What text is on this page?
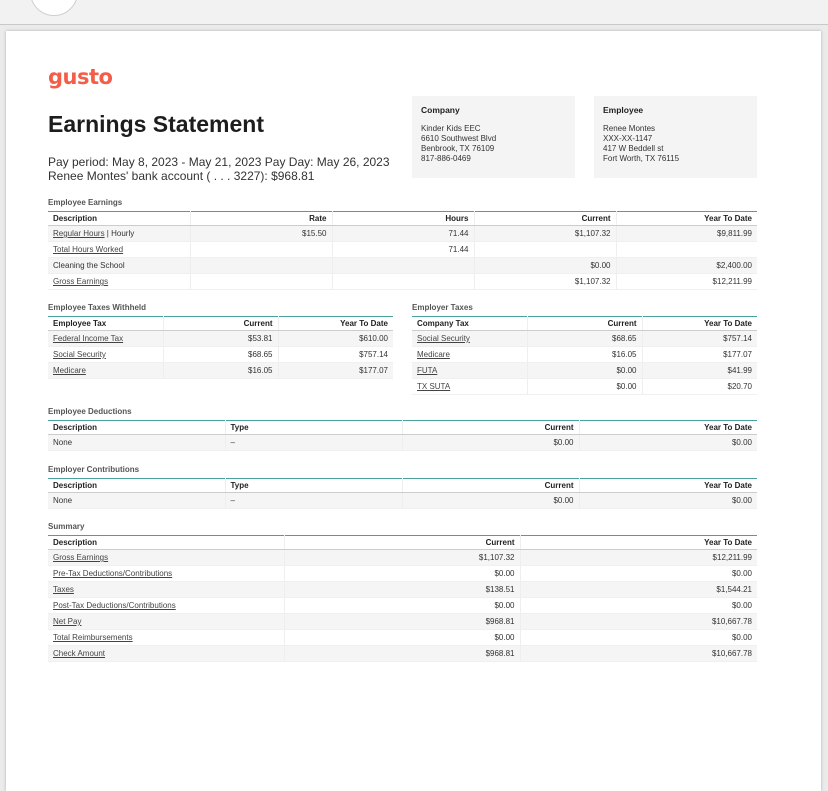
gusto
Earnings Statement
Pay period: May 8, 2023 - May 21, 2023 Pay Day: May 26, 2023
Renee Montes' bank account ( . . . 3227): $968.81
Company
Kinder Kids EEC
6610 Southwest Blvd
Benbrook, TX 76109
817-886-0469
Employee
Renee Montes
XXX-XX-1147
417 W Beddell st
Fort Worth, TX 76115
Employee Earnings
Description	Rate	Hours	Current	Year To Date
Regular Hours | Hourly	$15.50	71.44	$1,107.32	$9,811.99
Total Hours Worked		71.44		
Cleaning the School			$0.00	$2,400.00
Gross Earnings			$1,107.32	$12,211.99
Employee Taxes Withheld
Employee Tax	Current	Year To Date
Federal Income Tax	$53.81	$610.00
Social Security	$68.65	$757.14
Medicare	$16.05	$177.07
Employer Taxes
Company Tax	Current	Year To Date
Social Security	$68.65	$757.14
Medicare	$16.05	$177.07
FUTA	$0.00	$41.99
TX SUTA	$0.00	$20.70
Employee Deductions
Description	Type	Current	Year To Date
None	–	$0.00	$0.00
Employer Contributions
Description	Type	Current	Year To Date
None	–	$0.00	$0.00
Summary
Description	Current	Year To Date
Gross Earnings	$1,107.32	$12,211.99
Pre-Tax Deductions/Contributions	$0.00	$0.00
Taxes	$138.51	$1,544.21
Post-Tax Deductions/Contributions	$0.00	$0.00
Net Pay	$968.81	$10,667.78
Total Reimbursements	$0.00	$0.00
Check Amount	$968.81	$10,667.78
